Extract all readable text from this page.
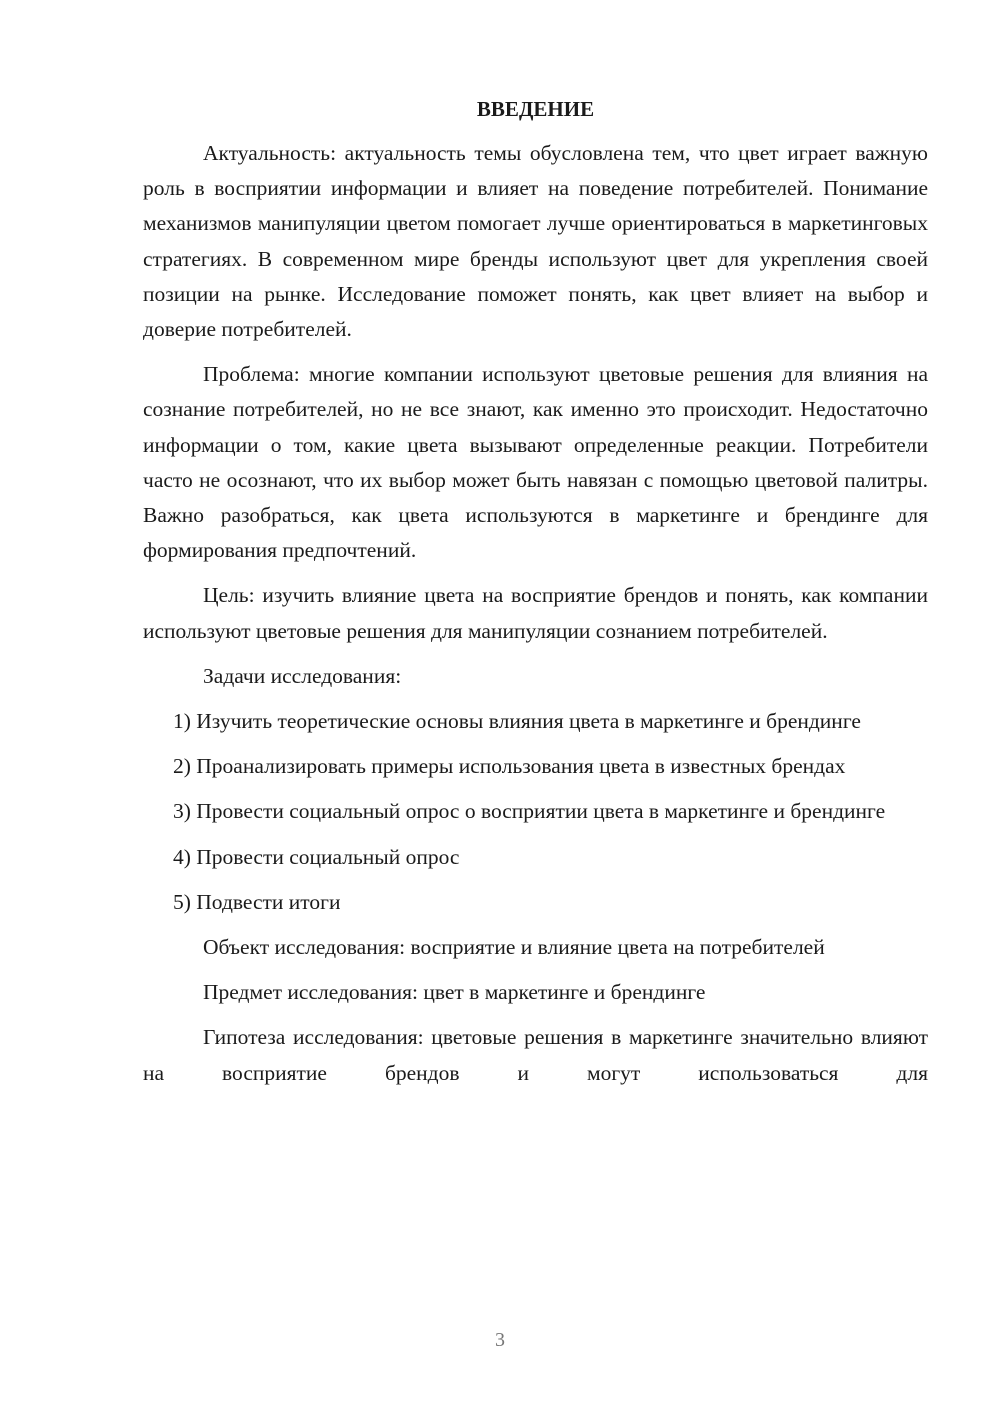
ВВЕДЕНИЕ

Актуальность: актуальность темы обусловлена тем, что цвет играет важную роль в восприятии информации и влияет на поведение потребителей. Понимание механизмов манипуляции цветом помогает лучше ориентироваться в маркетинговых стратегиях. В современном мире бренды используют цвет для укрепления своей позиции на рынке. Исследование поможет понять, как цвет влияет на выбор и доверие потребителей.

Проблема: многие компании используют цветовые решения для влияния на сознание потребителей, но не все знают, как именно это происходит. Недостаточно информации о том, какие цвета вызывают определенные реакции. Потребители часто не осознают, что их выбор может быть навязан с помощью цветовой палитры. Важно разобраться, как цвета используются в маркетинге и брендинге для формирования предпочтений.

Цель: изучить влияние цвета на восприятие брендов и понять, как компании используют цветовые решения для манипуляции сознанием потребителей.

Задачи исследования:

1) Изучить теоретические основы влияния цвета в маркетинге и брендинге

2) Проанализировать примеры использования цвета в известных брендах

3) Провести социальный опрос о восприятии цвета в маркетинге и брендинге

4) Провести социальный опрос

5) Подвести итоги

Объект исследования: восприятие и влияние цвета на потребителей

Предмет исследования: цвет в маркетинге и брендинге

Гипотеза исследования: цветовые решения в маркетинге значительно влияют на восприятие брендов и могут использоваться для

3
